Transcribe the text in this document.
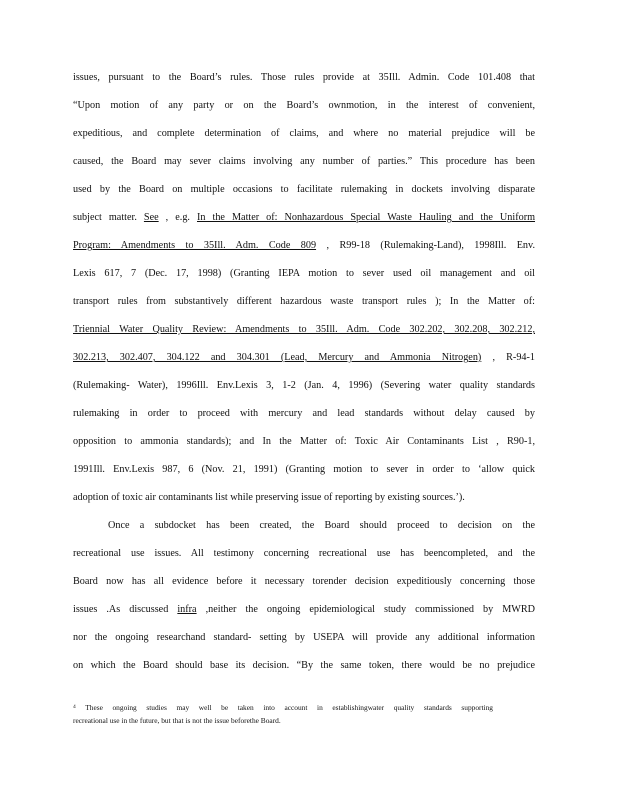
issues, pursuant to the Board’s rules. Those rules provide at 35Ill. Admin. Code 101.408 that
“Upon motion of any party or on the Board’s ownmotion, in the interest of convenient,
expeditious, and complete determination of claims, and where no material prejudice will be
caused, the Board may sever claims involving any number of parties.” This procedure has been
used by the Board on multiple occasions to facilitate rulemaking in dockets involving disparate
subject matter. See , e.g. In the Matter of: Nonhazardous Special Waste Hauling and the Uniform
Program: Amendments to 35Ill. Adm. Code 809 , R99-18 (Rulemaking-Land), 1998Ill. Env.
Lexis 617, 7 (Dec. 17, 1998) (Granting IEPA motion to sever used oil management and oil
transport rules from substantively different hazardous waste transport rules ); In the Matter of:
Triennial Water Quality Review: Amendments to 35Ill. Adm. Code 302.202, 302.208, 302.212,
302.213, 302.407, 304.122 and 304.301 (Lead, Mercury and Ammonia Nitrogen) , R-94-1
(Rulemaking- Water), 1996Ill. Env.Lexis 3, 1-2 (Jan. 4, 1996) (Severing water quality standards
rulemaking in order to proceed with mercury and lead standards without delay caused by
opposition to ammonia standards); and In the Matter of: Toxic Air Contaminants List , R90-1,
1991Ill. Env.Lexis 987, 6 (Nov. 21, 1991) (Granting motion to sever in order to ‘allow quick
adoption of toxic air contaminants list while preserving issue of reporting by existing sources.’).
Once a subdocket has been created, the Board should proceed to decision on the
recreational use issues. All testimony concerning recreational use has beencompleted, and the
Board now has all evidence before it necessary torender decision expeditiously concerning those
issues .As discussed infra ,neither the ongoing epidemiological study commissioned by MWRD
nor the ongoing researchand standard- setting by USEPA will provide any additional information
on which the Board should base its decision. “By the same token, there would be no prejudice
$^4$ These ongoing studies may well be taken into account in establishingwater quality standards supporting
recreational use in the future, but that is not the issue beforethe Board.
